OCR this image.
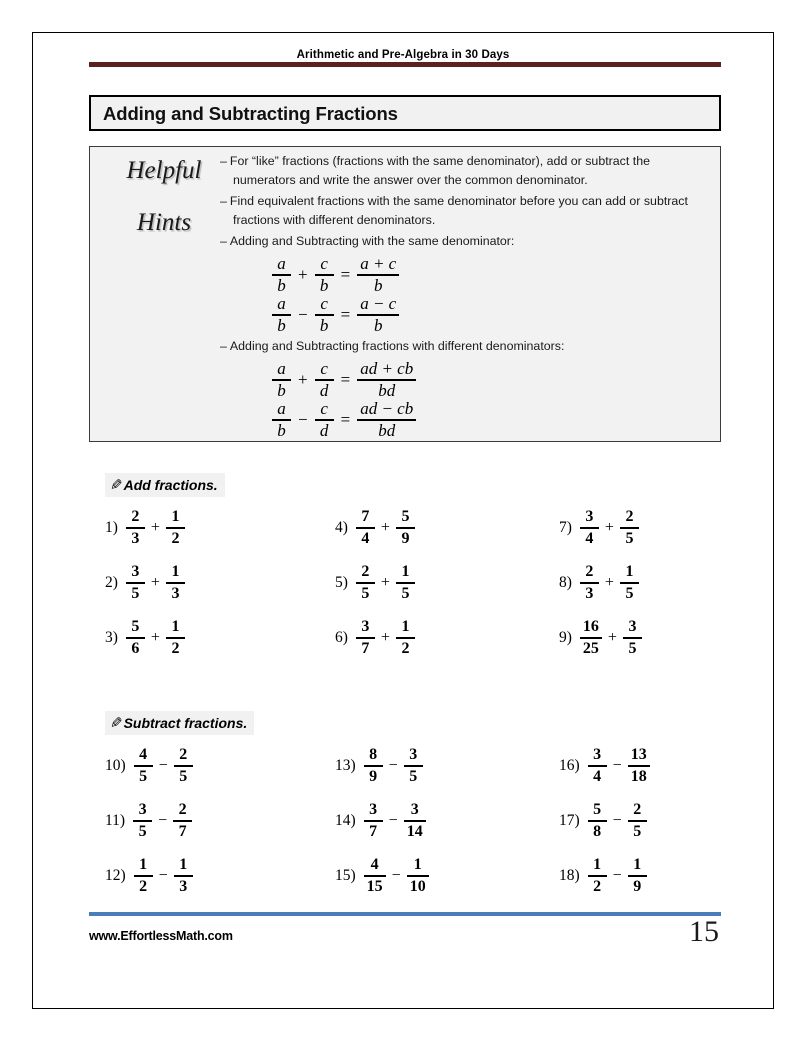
Arithmetic and Pre-Algebra in 30 Days
Adding and Subtracting Fractions
Helpful
Hints
– For “like” fractions (fractions with the same denominator), add or subtract the numerators and write the answer over the common denominator.
– Find equivalent fractions with the same denominator before you can add or subtract fractions with different denominators.
– Adding and Subtracting with the same denominator:
$\frac{a}{b} + \frac{c}{b} = \frac{a + c}{b}$
$\frac{a}{b} - \frac{c}{b} = \frac{a - c}{b}$
– Adding and Subtracting fractions with different denominators:
$\frac{a}{b} + \frac{c}{d} = \frac{ad + cb}{bd}$
$\frac{a}{b} - \frac{c}{d} = \frac{ad - cb}{bd}$
✎ Add fractions.
✎ Subtract fractions.
$1) \frac{2}{3} + \frac{1}{2}$
$2) \frac{3}{5} + \frac{1}{3}$
$3) \frac{5}{6} + \frac{1}{2}$
$4) \frac{7}{4} + \frac{5}{9}$
$5) \frac{2}{5} + \frac{1}{5}$
$6) \frac{3}{7} + \frac{1}{2}$
$7) \frac{3}{4} + \frac{2}{5}$
$8) \frac{2}{3} + \frac{1}{5}$
$9) \frac{16}{25} + \frac{3}{5}$
$10) \frac{4}{5} - \frac{2}{5}$
$11) \frac{3}{5} - \frac{2}{7}$
$12) \frac{1}{2} - \frac{1}{3}$
$13) \frac{8}{9} - \frac{3}{5}$
$14) \frac{3}{7} - \frac{3}{14}$
$15) \frac{4}{15} - \frac{1}{10}$
$16) \frac{3}{4} - \frac{13}{18}$
$17) \frac{5}{8} - \frac{2}{5}$
$18) \frac{1}{2} - \frac{1}{9}$
www.EffortlessMath.com	15
